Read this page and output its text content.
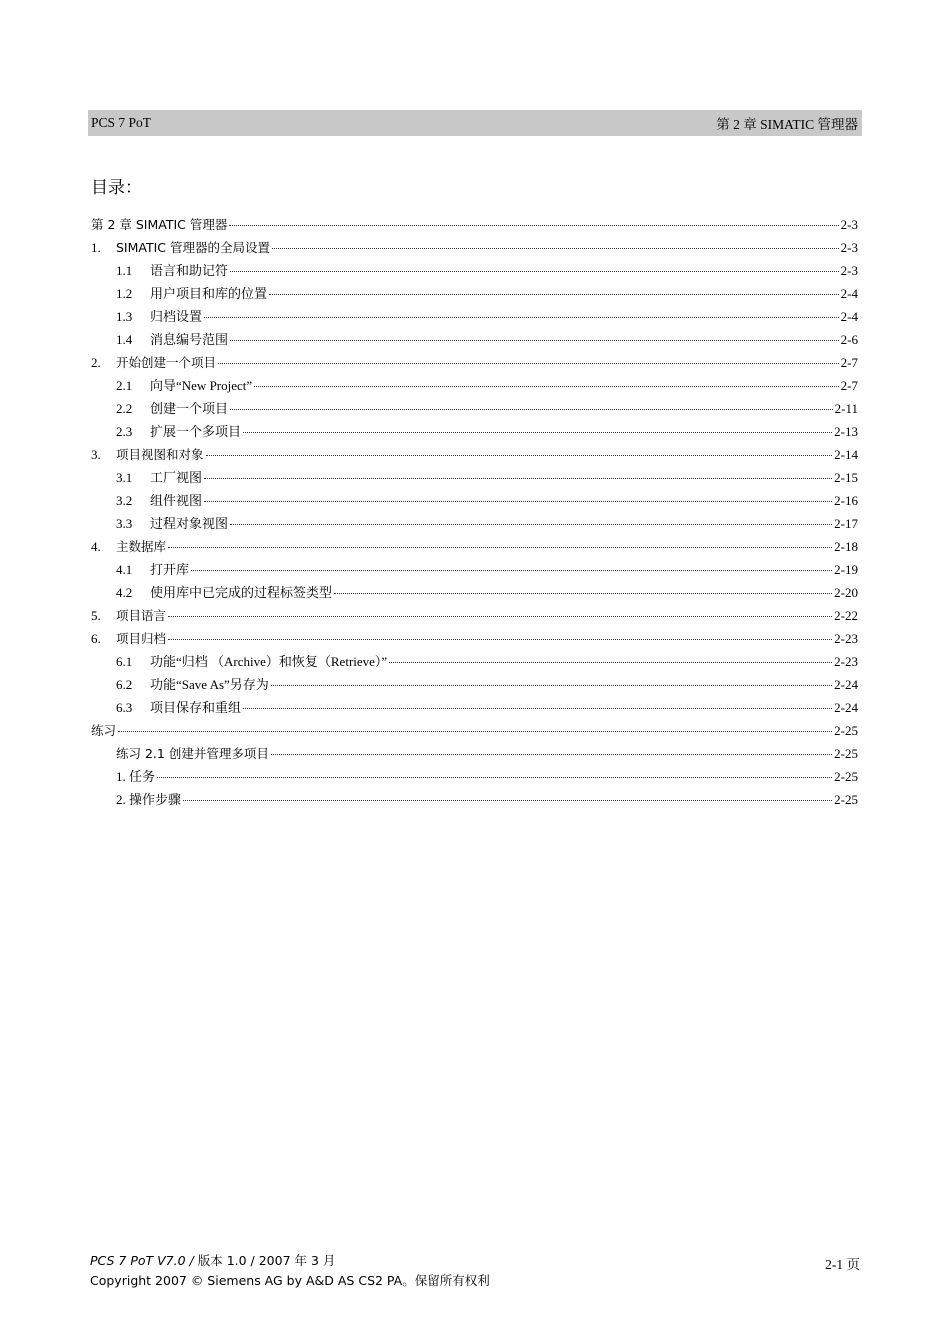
PCS 7 PoT	第 2 章 SIMATIC 管理器
目录：
第 2 章 SIMATIC 管理器	2-3
1.	SIMATIC 管理器的全局设置	2-3
1.1	语言和助记符	2-3
1.2	用户项目和库的位置	2-4
1.3	归档设置	2-4
1.4	消息编号范围	2-6
2.	开始创建一个项目	2-7
2.1	向导“New Project”	2-7
2.2	创建一个项目	2-11
2.3	扩展一个多项目	2-13
3.	项目视图和对象	2-14
3.1	工厂视图	2-15
3.2	组件视图	2-16
3.3	过程对象视图	2-17
4.	主数据库	2-18
4.1	打开库	2-19
4.2	使用库中已完成的过程标签类型	2-20
5.	项目语言	2-22
6.	项目归档	2-23
6.1	功能“归档 （Archive）和恢复（Retrieve）”	2-23
6.2	功能“Save As”另存为	2-24
6.3	项目保存和重组	2-24
练习	2-25
练习 2.1 创建并管理多项目	2-25
1. 任务	2-25
2. 操作步骤	2-25
PCS 7 PoT V7.0 / 版本 1.0 / 2007 年 3 月
Copyright 2007 © Siemens AG by A&D AS CS2 PA。保留所有权利
2-1 页
